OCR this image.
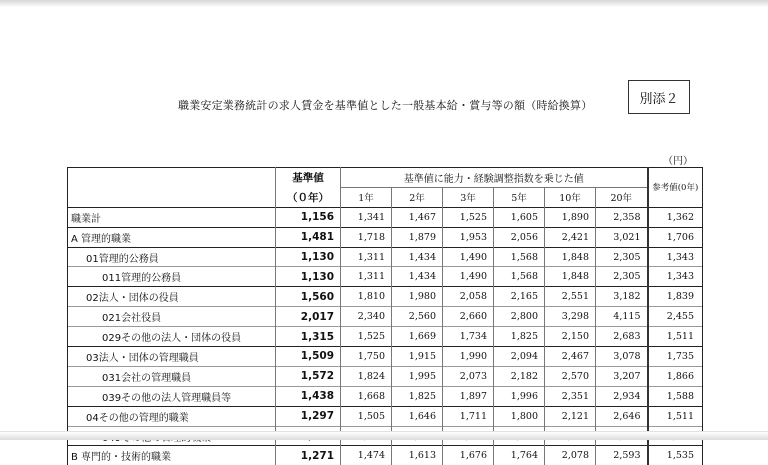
職業安定業務統計の求人賃金を基準値とした一般基本給・賞与等の額（時給換算）	別添２
（円）
	基準値	基準値に能力・経験調整指数を乗じた値						参考値(0年)
	（０年）	1年	2年	3年	5年	10年	20年	
職業計	1,156	1,341	1,467	1,525	1,605	1,890	2,358	1,362
A 管理的職業	1,481	1,718	1,879	1,953	2,056	2,421	3,021	1,706
01管理的公務員	1,130	1,311	1,434	1,490	1,568	1,848	2,305	1,343
011管理的公務員	1,130	1,311	1,434	1,490	1,568	1,848	2,305	1,343
02法人・団体の役員	1,560	1,810	1,980	2,058	2,165	2,551	3,182	1,839
021会社役員	2,017	2,340	2,560	2,660	2,800	3,298	4,115	2,455
029その他の法人・団体の役員	1,315	1,525	1,669	1,734	1,825	2,150	2,683	1,511
03法人・団体の管理職員	1,509	1,750	1,915	1,990	2,094	2,467	3,078	1,735
031会社の管理職員	1,572	1,824	1,995	2,073	2,182	2,570	3,207	1,866
039その他の法人管理職員等	1,438	1,668	1,825	1,897	1,996	2,351	2,934	1,588
04その他の管理的職業	1,297	1,505	1,646	1,711	1,800	2,121	2,646	1,511

B 専門的・技術的職業	1,271	1,474	1,613	1,676	1,764	2,078	2,593	1,535
